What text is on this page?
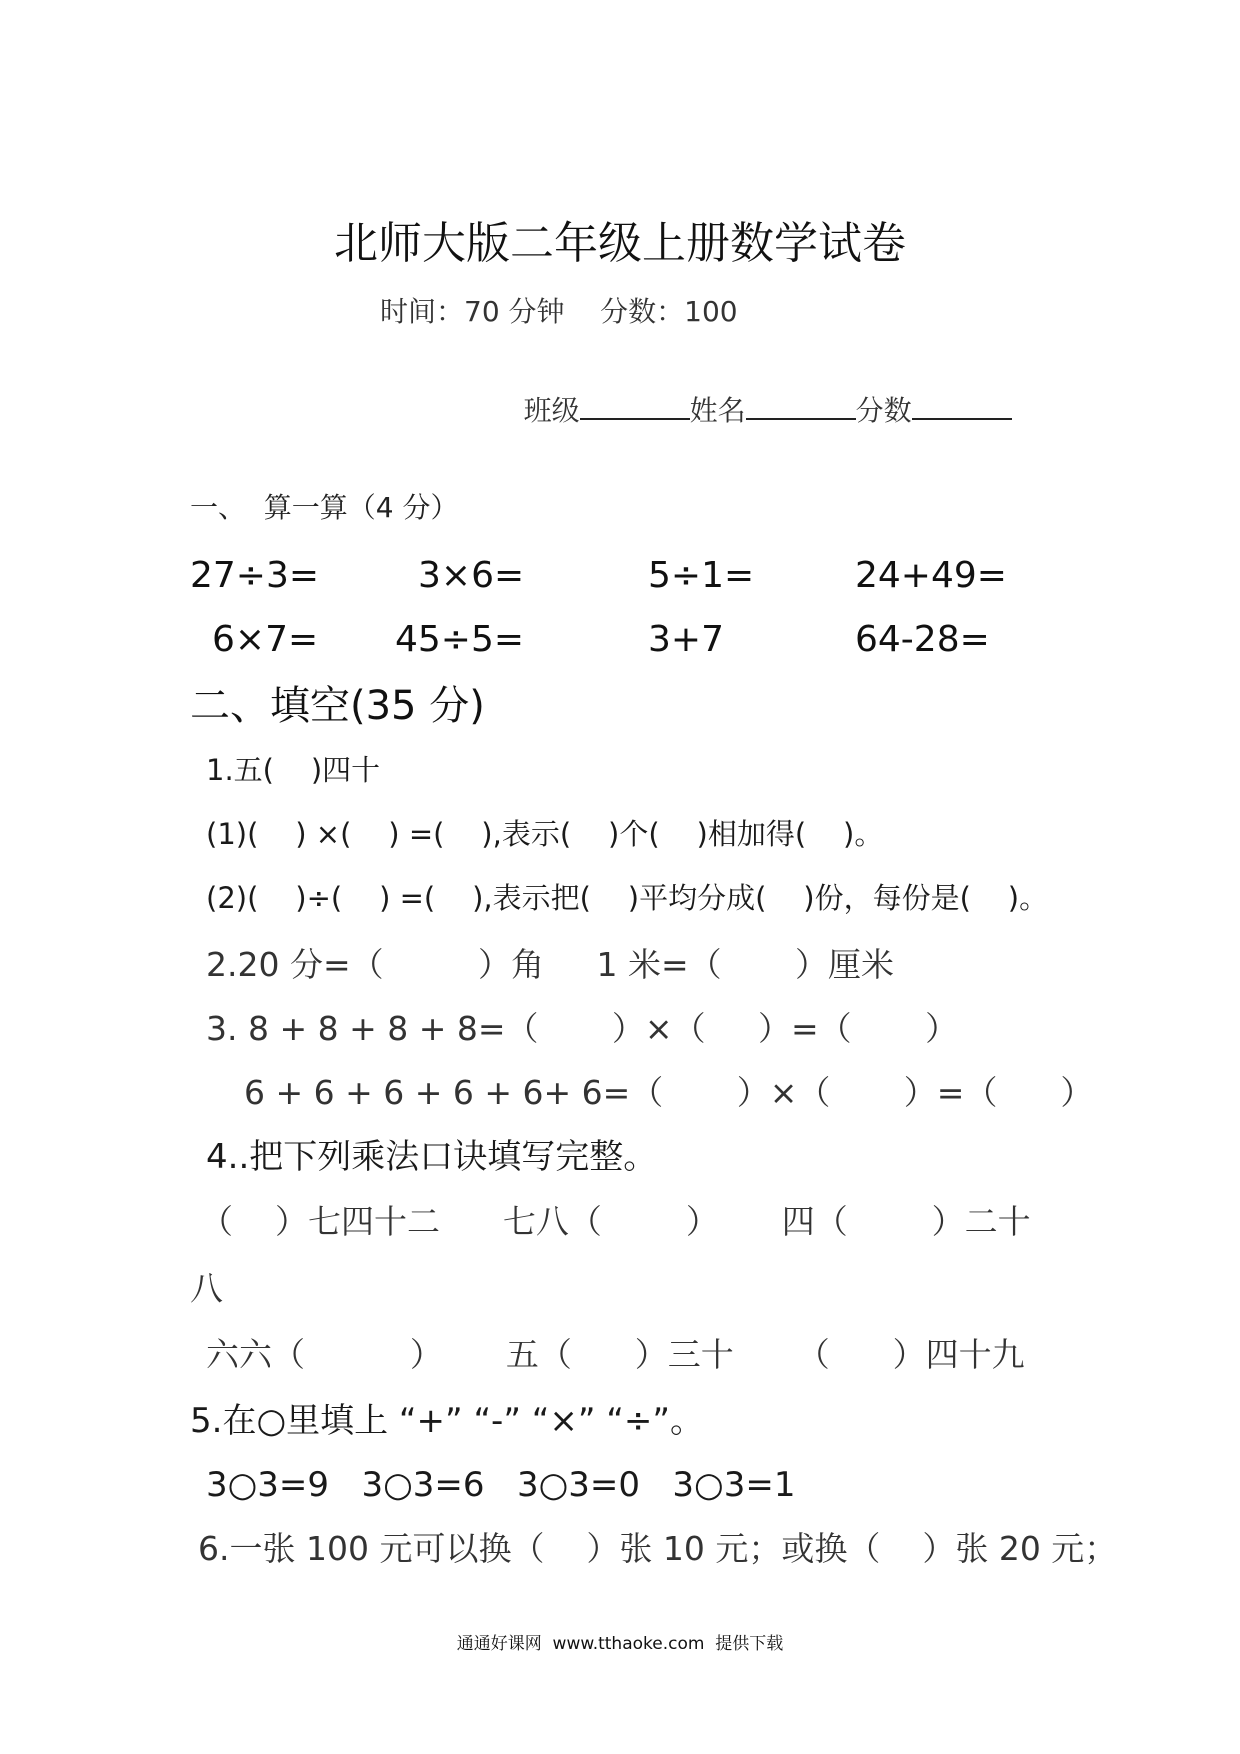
北师大版二年级上册数学试卷
时间：70 分钟    分数：100

班级	姓名	分数

一、  算一算（4 分）
27÷3=	3×6=	5÷1=	24+49=
6×7= 45÷5=	3+7	64-28=
二、填空(35 分)
1.五(    )四十
(1)(    ) ×(    ) =(    ),表示(    )个(    )相加得(    )。
(2)(    )÷(    ) =(    ),表示把(    )平均分成(    )份，每份是(    )。
2.20 分=（         ）角     1 米=（       ）厘米
3. 8 + 8 + 8 + 8=（       ）×（     ）=（       ）
6 + 6 + 6 + 6 + 6+ 6=（       ）×（       ）=（      ）
4..把下列乘法口诀填写完整。
（    ）七四十二      七八（        ）      四（        ）二十
八
六六（          ）      五（      ）三十      （      ）四十九
5.在○里填上 “+” “-” “×” “÷”。
3○3=9   3○3=6   3○3=0   3○3=1
6.一张 100 元可以换（    ）张 10 元；或换（    ）张 20 元；
通通好课网  www.tthaoke.com  提供下载
